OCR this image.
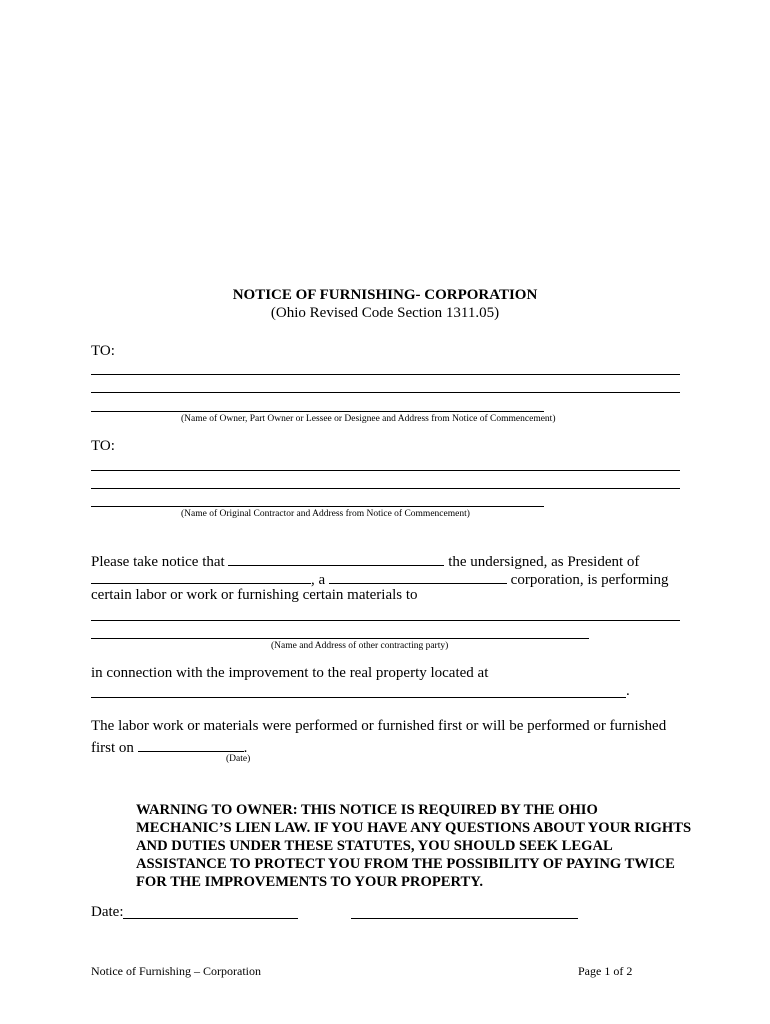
NOTICE OF FURNISHING- CORPORATION
(Ohio Revised Code Section 1311.05)
TO:
(Name of Owner, Part Owner or Lessee or Designee and Address from Notice of Commencement)
TO:
(Name of Original Contractor and Address from Notice of Commencement)
Please take notice that	the undersigned, as President of
, a	corporation, is performing
certain labor or work or furnishing certain materials to
(Name and Address of other contracting party)
in connection with the improvement to the real property located at
.
The labor work or materials were performed or furnished first or will be performed or furnished
first on	.
(Date)
WARNING TO OWNER: THIS NOTICE IS REQUIRED BY THE OHIO MECHANIC’S LIEN LAW. IF YOU HAVE ANY QUESTIONS ABOUT YOUR RIGHTS AND DUTIES UNDER THESE STATUTES, YOU SHOULD SEEK LEGAL ASSISTANCE TO PROTECT YOU FROM THE POSSIBILITY OF PAYING TWICE FOR THE IMPROVEMENTS TO YOUR PROPERTY.
Date:
Notice of Furnishing – Corporation	Page 1 of 2
